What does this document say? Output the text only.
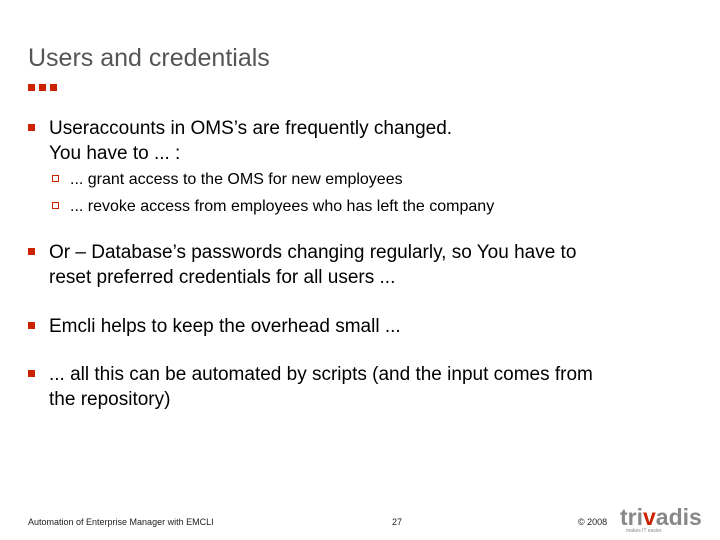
Users and credentials
Useraccounts in OMS’s are frequently changed.
You have to ... :
... grant access to the OMS for new employees
... revoke access from employees who has left the company
Or – Database’s passwords changing regularly, so You have to
reset preferred credentials for all users ...
Emcli helps to keep the overhead small ...
... all this can be automated by scripts (and the input comes from
the repository)
Automation of Enterprise Manager with EMCLI	27	© 2008 trivadis
makes IT easier.
